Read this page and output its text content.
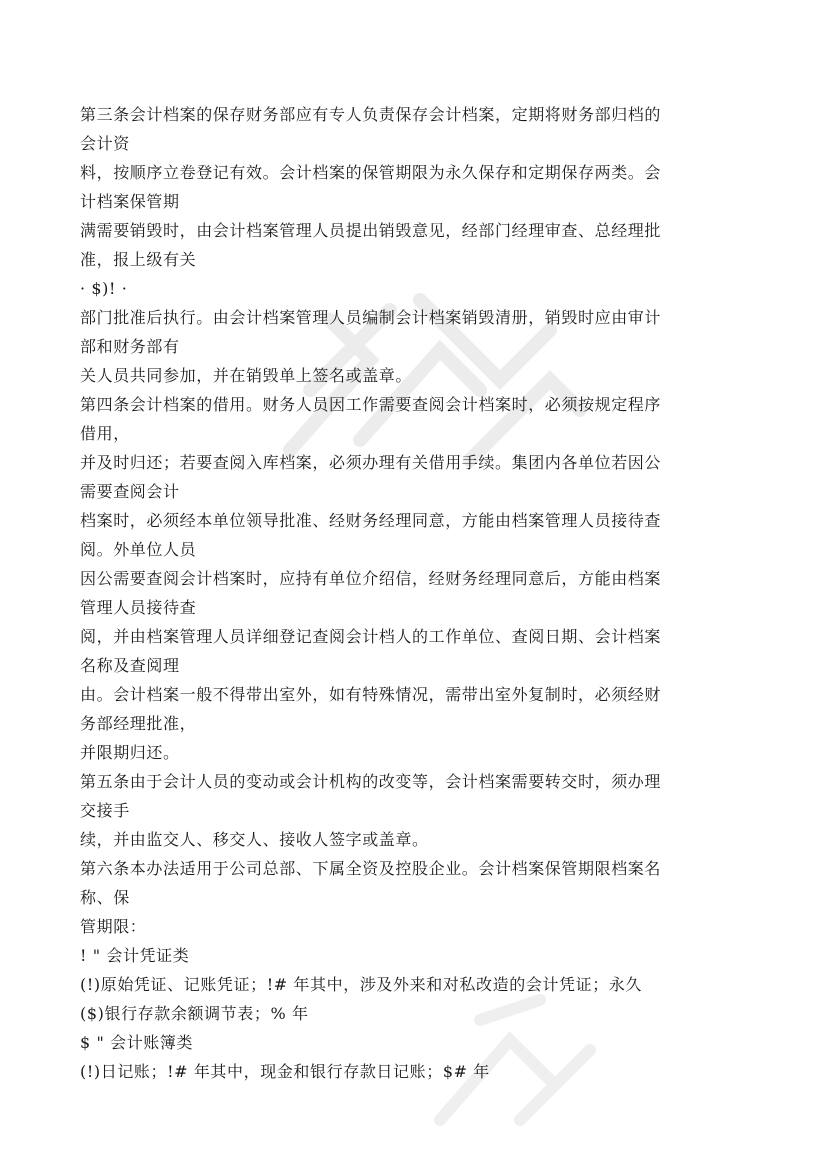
第三条会计档案的保存财务部应有专人负责保存会计档案，定期将财务部归档的
会计资
料，按顺序立卷登记有效。会计档案的保管期限为永久保存和定期保存两类。会
计档案保管期
满需要销毁时，由会计档案管理人员提出销毁意见，经部门经理审查、总经理批
准，报上级有关
· $)! ·
部门批准后执行。由会计档案管理人员编制会计档案销毁清册，销毁时应由审计
部和财务部有
关人员共同参加，并在销毁单上签名或盖章。
第四条会计档案的借用。财务人员因工作需要查阅会计档案时，必须按规定程序
借用，
并及时归还；若要查阅入库档案，必须办理有关借用手续。集团内各单位若因公
需要查阅会计
档案时，必须经本单位领导批准、经财务经理同意，方能由档案管理人员接待查
阅。外单位人员
因公需要查阅会计档案时，应持有单位介绍信，经财务经理同意后，方能由档案
管理人员接待查
阅，并由档案管理人员详细登记查阅会计档人的工作单位、查阅日期、会计档案
名称及查阅理
由。会计档案一般不得带出室外，如有特殊情况，需带出室外复制时，必须经财
务部经理批准，
并限期归还。
第五条由于会计人员的变动或会计机构的改变等，会计档案需要转交时，须办理
交接手
续，并由监交人、移交人、接收人签字或盖章。
第六条本办法适用于公司总部、下属全资及控股企业。会计档案保管期限档案名
称、保
管期限：
! " 会计凭证类
(!)原始凭证、记账凭证；!# 年其中，涉及外来和对私改造的会计凭证；永久
($)银行存款余额调节表；% 年
$ " 会计账簿类
(!)日记账；!# 年其中，现金和银行存款日记账；$# 年
